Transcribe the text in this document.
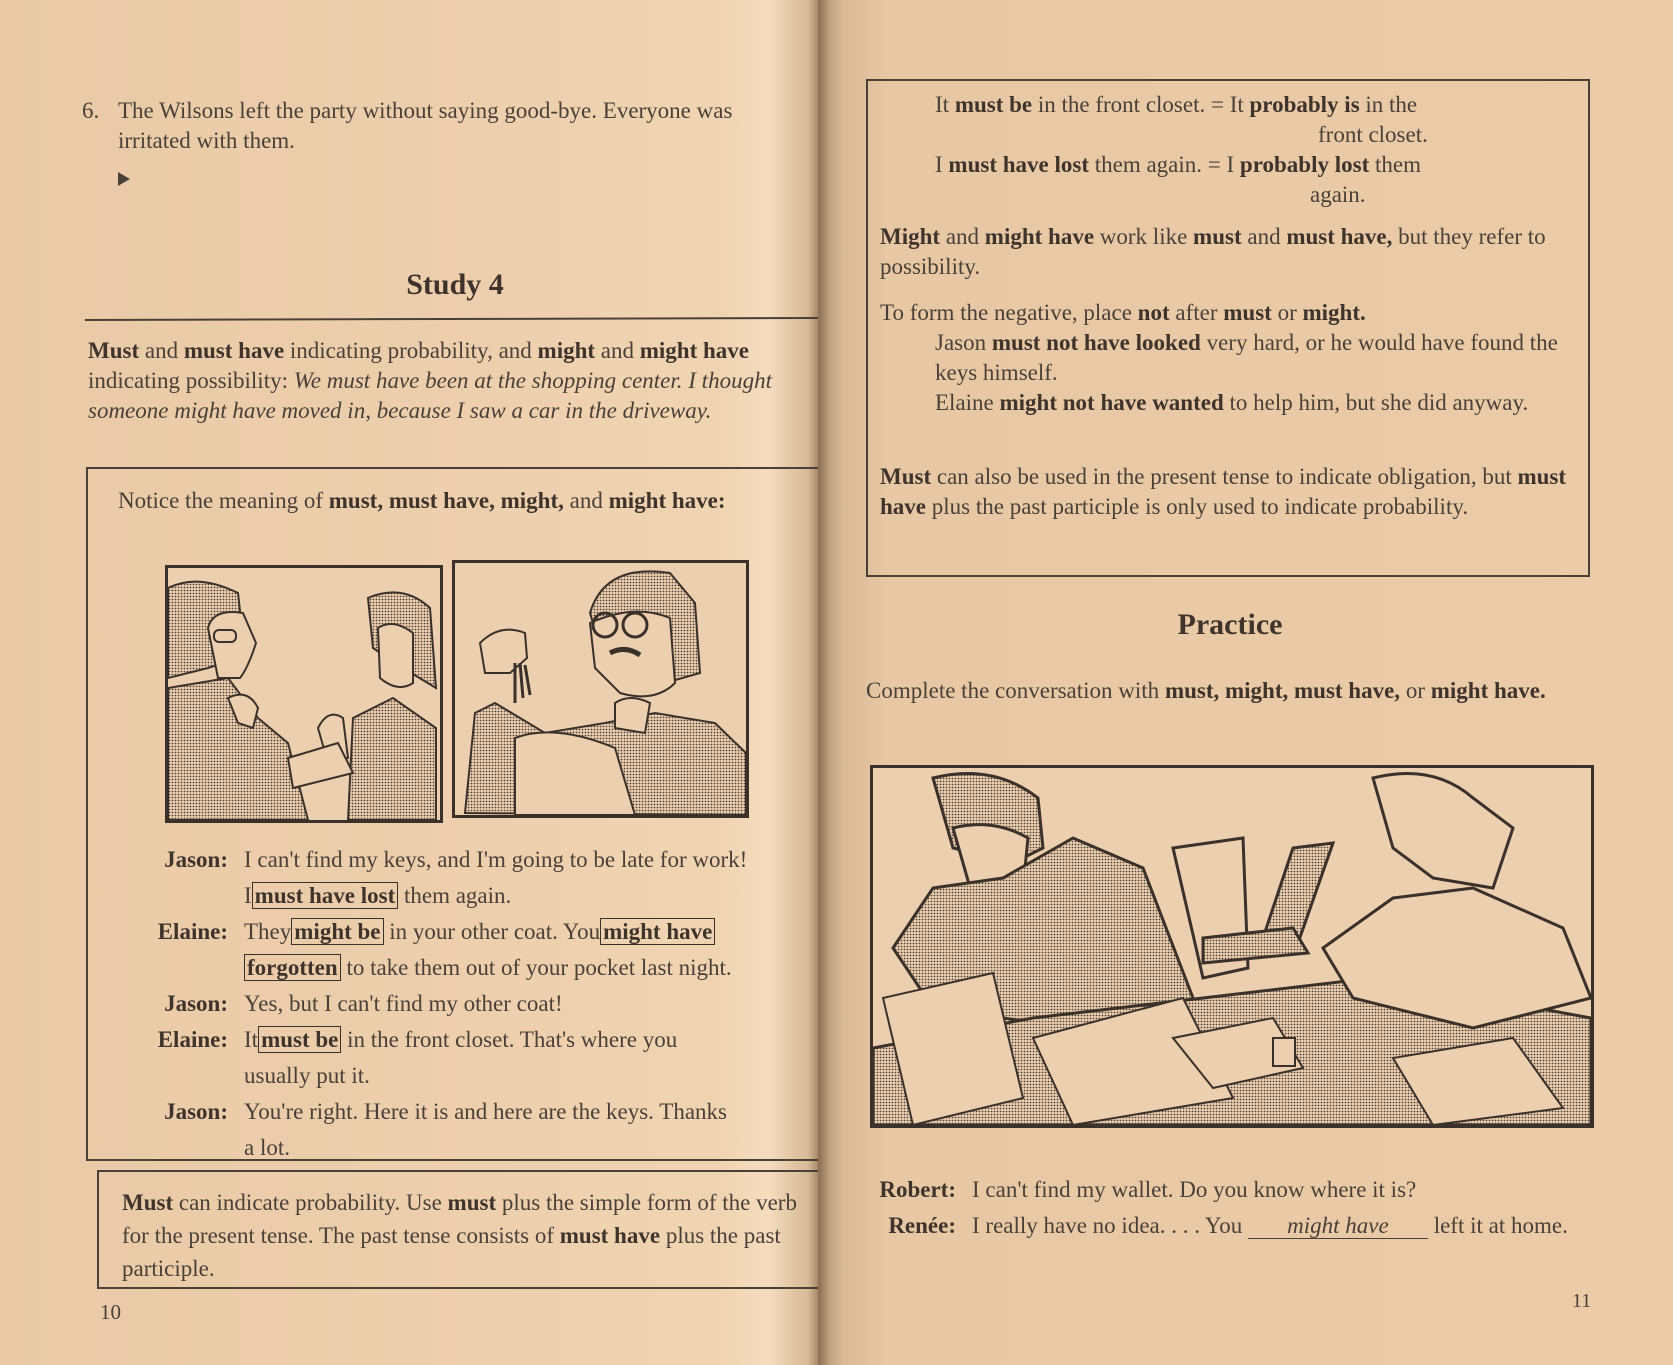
6. The Wilsons left the party without saying good-bye. Everyone was
irritated with them.
Study 4
Must and must have indicating probability, and might and might have indicating possibility: We must have been at the shopping center. I thought someone might have moved in, because I saw a car in the driveway.
Notice the meaning of must, must have, might, and might have:
Jason: I can't find my keys, and I'm going to be late for work!
I must have lost them again.
Elaine: They might be in your other coat. You might have
forgotten to take them out of your pocket last night.
Jason: Yes, but I can't find my other coat!
Elaine: It must be in the front closet. That's where you
usually put it.
Jason: You're right. Here it is and here are the keys. Thanks
a lot.
Must can indicate probability. Use must plus the simple form of the verb for the present tense. The past tense consists of must have plus the past participle.
10
It must be in the front closet. = It probably is in the
front closet.
I must have lost them again. = I probably lost them
again.
Might and might have work like must and must have, but they refer to possibility.
To form the negative, place not after must or might.
Jason must not have looked very hard, or he would have found the keys himself.
Elaine might not have wanted to help him, but she did anyway.
Must can also be used in the present tense to indicate obligation, but must have plus the past participle is only used to indicate probability.
Practice
Complete the conversation with must, might, must have, or might have.
Robert: I can't find my wallet. Do you know where it is?
Renée: I really have no idea. . . . You might have left it at home.
11
